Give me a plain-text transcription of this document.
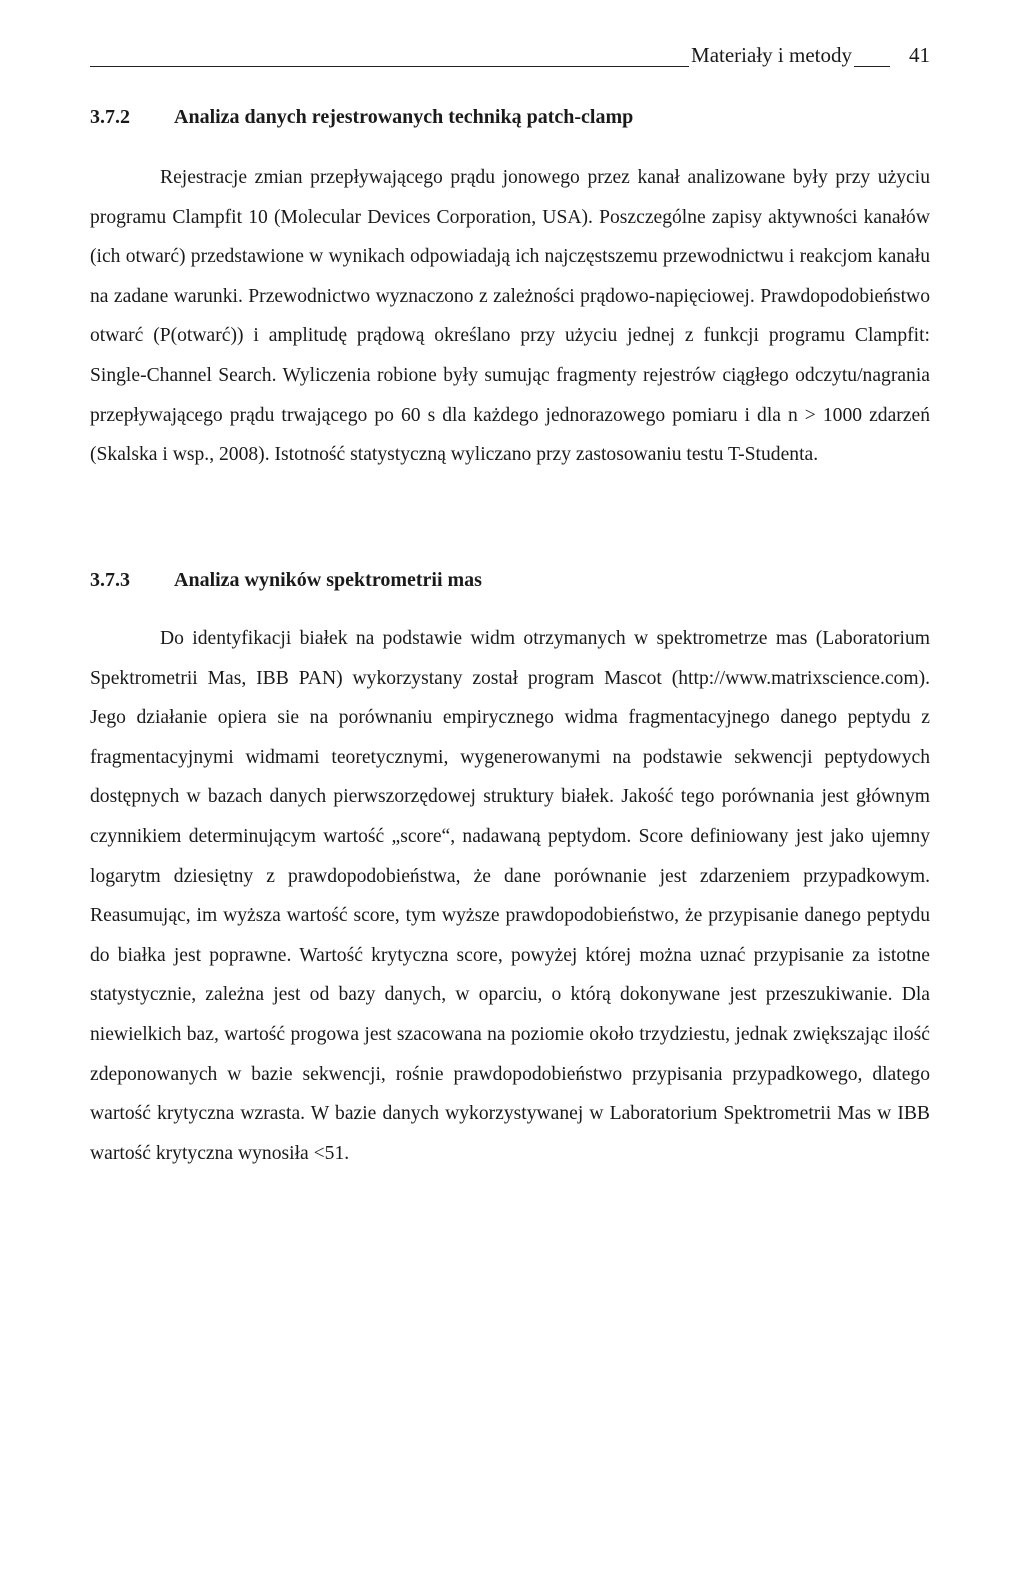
Materiały i metody	41
3.7.2 Analiza danych rejestrowanych techniką patch-clamp

Rejestracje zmian przepływającego prądu jonowego przez kanał analizowane były przy użyciu programu Clampfit 10 (Molecular Devices Corporation, USA). Poszczególne zapisy aktywności kanałów (ich otwarć) przedstawione w wynikach odpowiadają ich najczęstszemu przewodnictwu i reakcjom kanału na zadane warunki. Przewodnictwo wyznaczono z zależności prądowo-napięciowej. Prawdopodobieństwo otwarć (P(otwarć)) i amplitudę prądową określano przy użyciu jednej z funkcji programu Clampfit: Single-Channel Search. Wyliczenia robione były sumując fragmenty rejestrów ciągłego odczytu/nagrania przepływającego prądu trwającego po 60 s dla każdego jednorazowego pomiaru i dla n > 1000 zdarzeń (Skalska i wsp., 2008). Istotność statystyczną wyliczano przy zastosowaniu testu T-Studenta.

3.7.3 Analiza wyników spektrometrii mas

Do identyfikacji białek na podstawie widm otrzymanych w spektrometrze mas (Laboratorium Spektrometrii Mas, IBB PAN) wykorzystany został program Mascot (http://www.matrixscience.com). Jego działanie opiera sie na porównaniu empirycznego widma fragmentacyjnego danego peptydu z fragmentacyjnymi widmami teoretycznymi, wygenerowanymi na podstawie sekwencji peptydowych dostępnych w bazach danych pierwszorzędowej struktury białek. Jakość tego porównania jest głównym czynnikiem determinującym wartość „score“, nadawaną peptydom. Score definiowany jest jako ujemny logarytm dziesiętny z prawdopodobieństwa, że dane porównanie jest zdarzeniem przypadkowym. Reasumując, im wyższa wartość score, tym wyższe prawdopodobieństwo, że przypisanie danego peptydu do białka jest poprawne. Wartość krytyczna score, powyżej której można uznać przypisanie za istotne statystycznie, zależna jest od bazy danych, w oparciu, o którą dokonywane jest przeszukiwanie. Dla niewielkich baz, wartość progowa jest szacowana na poziomie około trzydziestu, jednak zwiększając ilość zdeponowanych w bazie sekwencji, rośnie prawdopodobieństwo przypisania przypadkowego, dlatego wartość krytyczna wzrasta. W bazie danych wykorzystywanej w Laboratorium Spektrometrii Mas w IBB wartość krytyczna wynosiła <51.
